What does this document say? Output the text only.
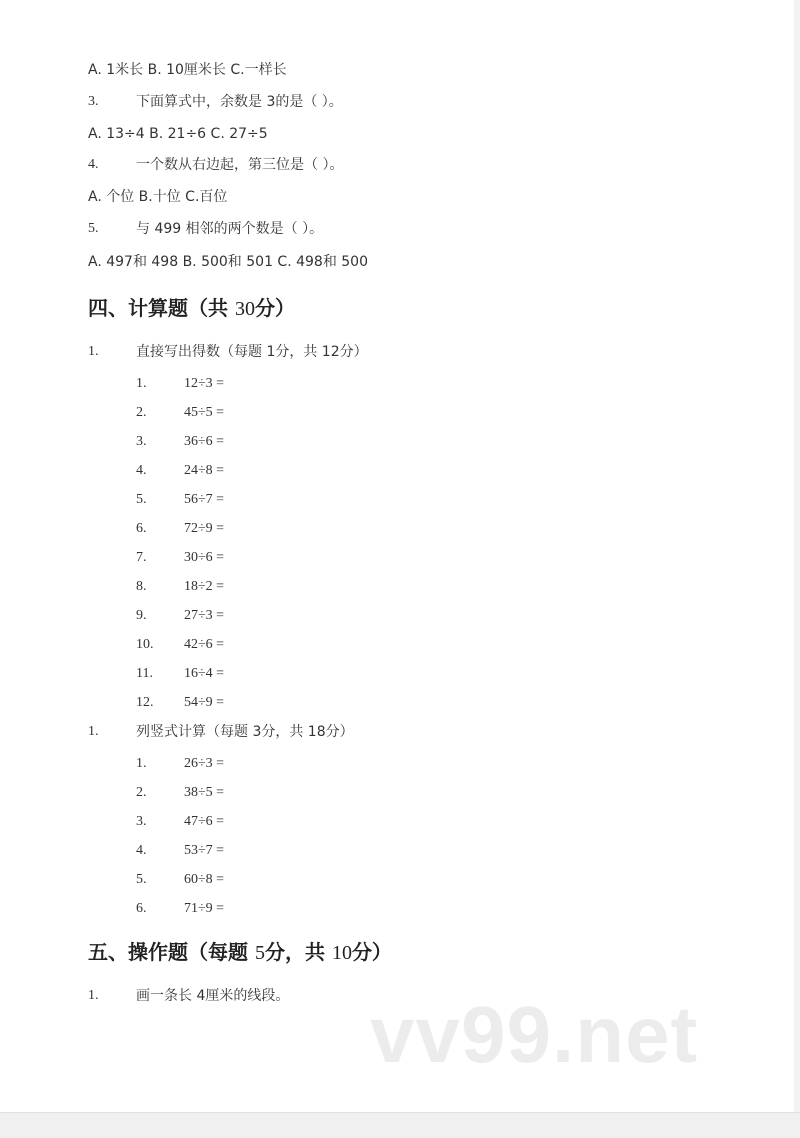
A. 1米长 B. 10厘米长 C.一样长
3.	下面算式中，余数是 3的是（ ）。
A. 13÷4 B. 21÷6 C. 27÷5
4.	一个数从右边起，第三位是（ ）。
A. 个位 B.十位 C.百位
5.	与 499 相邻的两个数是（ ）。
A. 497和 498 B. 500和 501 C. 498和 500
四、计算题（共 30分）
1.	直接写出得数（每题 1分，共 12分）
1.	12÷3 =
2.	45÷5 =
3.	36÷6 =
4.	24÷8 =
5.	56÷7 =
6.	72÷9 =
7.	30÷6 =
8.	18÷2 =
9.	27÷3 =
10. 42÷6 =
11. 16÷4 =
12. 54÷9 =
1.	列竖式计算（每题 3分，共 18分）
1.	26÷3 =
2.	38÷5 =
3.	47÷6 =
4.	53÷7 =
5.	60÷8 =
6.	71÷9 =
五、操作题（每题 5分，共 10分）
1.	画一条长 4厘米的线段。 vv99.net
